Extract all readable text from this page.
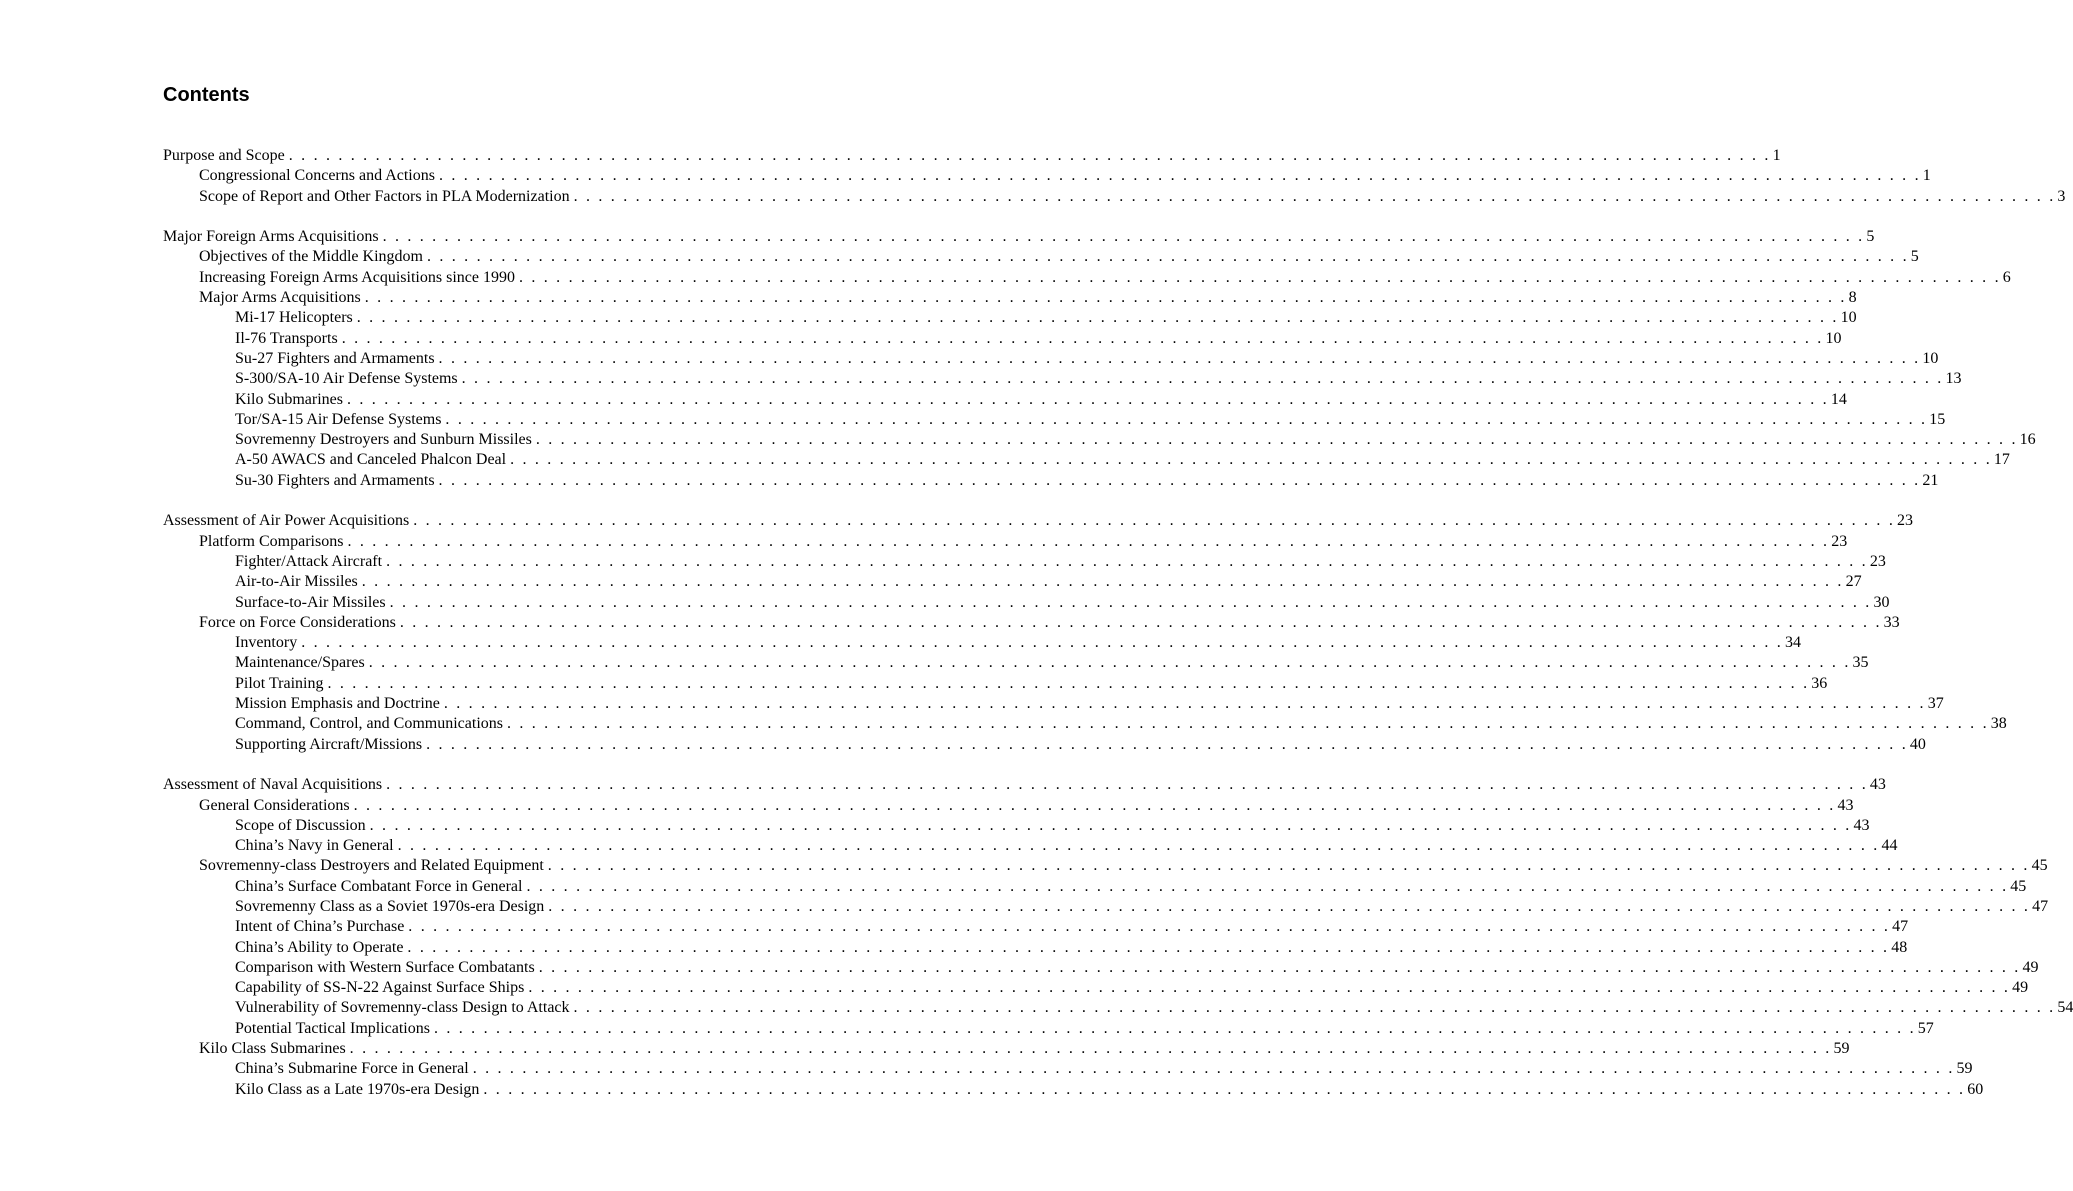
Contents
Purpose and Scope . . . . . . . . . . . . . . . . . . . . . . . . . . . . . . . . . . . . . . . . . . . . . . . . . . . . . . . . . . . . . . . . . . . . . . . . . . . . . . . . . . . . . . . . . . . . . . . . . . . . . . . . . . . . . . . . . . . . . . . . 1
Congressional Concerns and Actions . . . . . . . . . . . . . . . . . . . . . . . . . . . . . . . . . . . . . . . . . . . . . . . . . . . . . . . . . . . . . . . . . . . . . . . . . . . . . . . . . . . . . . . . . . . . . . . . . . . . . . . . . . . . . . . . . . . . . . . . 1
Scope of Report and Other Factors in PLA Modernization . . . . . . . . . . . . . . . . . . . . . . . . . . . . . . . . . . . . . . . . . . . . . . . . . . . . . . . . . . . . . . . . . . . . . . . . . . . . . . . . . . . . . . . . . . . . . . . . . . . . . . . . . . . . . . . . . . . . . . . . 3
Major Foreign Arms Acquisitions . . . . . . . . . . . . . . . . . . . . . . . . . . . . . . . . . . . . . . . . . . . . . . . . . . . . . . . . . . . . . . . . . . . . . . . . . . . . . . . . . . . . . . . . . . . . . . . . . . . . . . . . . . . . . . . . . . . . . . . . 5
Objectives of the Middle Kingdom . . . . . . . . . . . . . . . . . . . . . . . . . . . . . . . . . . . . . . . . . . . . . . . . . . . . . . . . . . . . . . . . . . . . . . . . . . . . . . . . . . . . . . . . . . . . . . . . . . . . . . . . . . . . . . . . . . . . . . . . 5
Increasing Foreign Arms Acquisitions since 1990 . . . . . . . . . . . . . . . . . . . . . . . . . . . . . . . . . . . . . . . . . . . . . . . . . . . . . . . . . . . . . . . . . . . . . . . . . . . . . . . . . . . . . . . . . . . . . . . . . . . . . . . . . . . . . . . . . . . . . . . . 6
Major Arms Acquisitions . . . . . . . . . . . . . . . . . . . . . . . . . . . . . . . . . . . . . . . . . . . . . . . . . . . . . . . . . . . . . . . . . . . . . . . . . . . . . . . . . . . . . . . . . . . . . . . . . . . . . . . . . . . . . . . . . . . . . . . . 8
Mi-17 Helicopters . . . . . . . . . . . . . . . . . . . . . . . . . . . . . . . . . . . . . . . . . . . . . . . . . . . . . . . . . . . . . . . . . . . . . . . . . . . . . . . . . . . . . . . . . . . . . . . . . . . . . . . . . . . . . . . . . . . . . . . . 10
Il-76 Transports . . . . . . . . . . . . . . . . . . . . . . . . . . . . . . . . . . . . . . . . . . . . . . . . . . . . . . . . . . . . . . . . . . . . . . . . . . . . . . . . . . . . . . . . . . . . . . . . . . . . . . . . . . . . . . . . . . . . . . . . 10
Su-27 Fighters and Armaments . . . . . . . . . . . . . . . . . . . . . . . . . . . . . . . . . . . . . . . . . . . . . . . . . . . . . . . . . . . . . . . . . . . . . . . . . . . . . . . . . . . . . . . . . . . . . . . . . . . . . . . . . . . . . . . . . . . . . . . . 10
S-300/SA-10 Air Defense Systems . . . . . . . . . . . . . . . . . . . . . . . . . . . . . . . . . . . . . . . . . . . . . . . . . . . . . . . . . . . . . . . . . . . . . . . . . . . . . . . . . . . . . . . . . . . . . . . . . . . . . . . . . . . . . . . . . . . . . . . . 13
Kilo Submarines . . . . . . . . . . . . . . . . . . . . . . . . . . . . . . . . . . . . . . . . . . . . . . . . . . . . . . . . . . . . . . . . . . . . . . . . . . . . . . . . . . . . . . . . . . . . . . . . . . . . . . . . . . . . . . . . . . . . . . . . 14
Tor/SA-15 Air Defense Systems . . . . . . . . . . . . . . . . . . . . . . . . . . . . . . . . . . . . . . . . . . . . . . . . . . . . . . . . . . . . . . . . . . . . . . . . . . . . . . . . . . . . . . . . . . . . . . . . . . . . . . . . . . . . . . . . . . . . . . . . 15
Sovremenny Destroyers and Sunburn Missiles . . . . . . . . . . . . . . . . . . . . . . . . . . . . . . . . . . . . . . . . . . . . . . . . . . . . . . . . . . . . . . . . . . . . . . . . . . . . . . . . . . . . . . . . . . . . . . . . . . . . . . . . . . . . . . . . . . . . . . . . 16
A-50 AWACS and Canceled Phalcon Deal . . . . . . . . . . . . . . . . . . . . . . . . . . . . . . . . . . . . . . . . . . . . . . . . . . . . . . . . . . . . . . . . . . . . . . . . . . . . . . . . . . . . . . . . . . . . . . . . . . . . . . . . . . . . . . . . . . . . . . . . 17
Su-30 Fighters and Armaments . . . . . . . . . . . . . . . . . . . . . . . . . . . . . . . . . . . . . . . . . . . . . . . . . . . . . . . . . . . . . . . . . . . . . . . . . . . . . . . . . . . . . . . . . . . . . . . . . . . . . . . . . . . . . . . . . . . . . . . . 21
Assessment of Air Power Acquisitions . . . . . . . . . . . . . . . . . . . . . . . . . . . . . . . . . . . . . . . . . . . . . . . . . . . . . . . . . . . . . . . . . . . . . . . . . . . . . . . . . . . . . . . . . . . . . . . . . . . . . . . . . . . . . . . . . . . . . . . . 23
Platform Comparisons . . . . . . . . . . . . . . . . . . . . . . . . . . . . . . . . . . . . . . . . . . . . . . . . . . . . . . . . . . . . . . . . . . . . . . . . . . . . . . . . . . . . . . . . . . . . . . . . . . . . . . . . . . . . . . . . . . . . . . . . 23
Fighter/Attack Aircraft . . . . . . . . . . . . . . . . . . . . . . . . . . . . . . . . . . . . . . . . . . . . . . . . . . . . . . . . . . . . . . . . . . . . . . . . . . . . . . . . . . . . . . . . . . . . . . . . . . . . . . . . . . . . . . . . . . . . . . . . 23
Air-to-Air Missiles . . . . . . . . . . . . . . . . . . . . . . . . . . . . . . . . . . . . . . . . . . . . . . . . . . . . . . . . . . . . . . . . . . . . . . . . . . . . . . . . . . . . . . . . . . . . . . . . . . . . . . . . . . . . . . . . . . . . . . . . 27
Surface-to-Air Missiles . . . . . . . . . . . . . . . . . . . . . . . . . . . . . . . . . . . . . . . . . . . . . . . . . . . . . . . . . . . . . . . . . . . . . . . . . . . . . . . . . . . . . . . . . . . . . . . . . . . . . . . . . . . . . . . . . . . . . . . . 30
Force on Force Considerations . . . . . . . . . . . . . . . . . . . . . . . . . . . . . . . . . . . . . . . . . . . . . . . . . . . . . . . . . . . . . . . . . . . . . . . . . . . . . . . . . . . . . . . . . . . . . . . . . . . . . . . . . . . . . . . . . . . . . . . . 33
Inventory . . . . . . . . . . . . . . . . . . . . . . . . . . . . . . . . . . . . . . . . . . . . . . . . . . . . . . . . . . . . . . . . . . . . . . . . . . . . . . . . . . . . . . . . . . . . . . . . . . . . . . . . . . . . . . . . . . . . . . . . 34
Maintenance/Spares . . . . . . . . . . . . . . . . . . . . . . . . . . . . . . . . . . . . . . . . . . . . . . . . . . . . . . . . . . . . . . . . . . . . . . . . . . . . . . . . . . . . . . . . . . . . . . . . . . . . . . . . . . . . . . . . . . . . . . . . 35
Pilot Training . . . . . . . . . . . . . . . . . . . . . . . . . . . . . . . . . . . . . . . . . . . . . . . . . . . . . . . . . . . . . . . . . . . . . . . . . . . . . . . . . . . . . . . . . . . . . . . . . . . . . . . . . . . . . . . . . . . . . . . . 36
Mission Emphasis and Doctrine . . . . . . . . . . . . . . . . . . . . . . . . . . . . . . . . . . . . . . . . . . . . . . . . . . . . . . . . . . . . . . . . . . . . . . . . . . . . . . . . . . . . . . . . . . . . . . . . . . . . . . . . . . . . . . . . . . . . . . . . 37
Command, Control, and Communications . . . . . . . . . . . . . . . . . . . . . . . . . . . . . . . . . . . . . . . . . . . . . . . . . . . . . . . . . . . . . . . . . . . . . . . . . . . . . . . . . . . . . . . . . . . . . . . . . . . . . . . . . . . . . . . . . . . . . . . . 38
Supporting Aircraft/Missions . . . . . . . . . . . . . . . . . . . . . . . . . . . . . . . . . . . . . . . . . . . . . . . . . . . . . . . . . . . . . . . . . . . . . . . . . . . . . . . . . . . . . . . . . . . . . . . . . . . . . . . . . . . . . . . . . . . . . . . . 40
Assessment of Naval Acquisitions . . . . . . . . . . . . . . . . . . . . . . . . . . . . . . . . . . . . . . . . . . . . . . . . . . . . . . . . . . . . . . . . . . . . . . . . . . . . . . . . . . . . . . . . . . . . . . . . . . . . . . . . . . . . . . . . . . . . . . . . 43
General Considerations . . . . . . . . . . . . . . . . . . . . . . . . . . . . . . . . . . . . . . . . . . . . . . . . . . . . . . . . . . . . . . . . . . . . . . . . . . . . . . . . . . . . . . . . . . . . . . . . . . . . . . . . . . . . . . . . . . . . . . . . 43
Scope of Discussion . . . . . . . . . . . . . . . . . . . . . . . . . . . . . . . . . . . . . . . . . . . . . . . . . . . . . . . . . . . . . . . . . . . . . . . . . . . . . . . . . . . . . . . . . . . . . . . . . . . . . . . . . . . . . . . . . . . . . . . . 43
China’s Navy in General . . . . . . . . . . . . . . . . . . . . . . . . . . . . . . . . . . . . . . . . . . . . . . . . . . . . . . . . . . . . . . . . . . . . . . . . . . . . . . . . . . . . . . . . . . . . . . . . . . . . . . . . . . . . . . . . . . . . . . . . 44
Sovremenny-class Destroyers and Related Equipment . . . . . . . . . . . . . . . . . . . . . . . . . . . . . . . . . . . . . . . . . . . . . . . . . . . . . . . . . . . . . . . . . . . . . . . . . . . . . . . . . . . . . . . . . . . . . . . . . . . . . . . . . . . . . . . . . . . . . . . . 45
China’s Surface Combatant Force in General . . . . . . . . . . . . . . . . . . . . . . . . . . . . . . . . . . . . . . . . . . . . . . . . . . . . . . . . . . . . . . . . . . . . . . . . . . . . . . . . . . . . . . . . . . . . . . . . . . . . . . . . . . . . . . . . . . . . . . . . 45
Sovremenny Class as a Soviet 1970s-era Design . . . . . . . . . . . . . . . . . . . . . . . . . . . . . . . . . . . . . . . . . . . . . . . . . . . . . . . . . . . . . . . . . . . . . . . . . . . . . . . . . . . . . . . . . . . . . . . . . . . . . . . . . . . . . . . . . . . . . . . . 47
Intent of China’s Purchase . . . . . . . . . . . . . . . . . . . . . . . . . . . . . . . . . . . . . . . . . . . . . . . . . . . . . . . . . . . . . . . . . . . . . . . . . . . . . . . . . . . . . . . . . . . . . . . . . . . . . . . . . . . . . . . . . . . . . . . . 47
China’s Ability to Operate . . . . . . . . . . . . . . . . . . . . . . . . . . . . . . . . . . . . . . . . . . . . . . . . . . . . . . . . . . . . . . . . . . . . . . . . . . . . . . . . . . . . . . . . . . . . . . . . . . . . . . . . . . . . . . . . . . . . . . . . 48
Comparison with Western Surface Combatants . . . . . . . . . . . . . . . . . . . . . . . . . . . . . . . . . . . . . . . . . . . . . . . . . . . . . . . . . . . . . . . . . . . . . . . . . . . . . . . . . . . . . . . . . . . . . . . . . . . . . . . . . . . . . . . . . . . . . . . . 49
Capability of SS-N-22 Against Surface Ships . . . . . . . . . . . . . . . . . . . . . . . . . . . . . . . . . . . . . . . . . . . . . . . . . . . . . . . . . . . . . . . . . . . . . . . . . . . . . . . . . . . . . . . . . . . . . . . . . . . . . . . . . . . . . . . . . . . . . . . . 49
Vulnerability of Sovremenny-class Design to Attack . . . . . . . . . . . . . . . . . . . . . . . . . . . . . . . . . . . . . . . . . . . . . . . . . . . . . . . . . . . . . . . . . . . . . . . . . . . . . . . . . . . . . . . . . . . . . . . . . . . . . . . . . . . . . . . . . . . . . . . . 54
Potential Tactical Implications . . . . . . . . . . . . . . . . . . . . . . . . . . . . . . . . . . . . . . . . . . . . . . . . . . . . . . . . . . . . . . . . . . . . . . . . . . . . . . . . . . . . . . . . . . . . . . . . . . . . . . . . . . . . . . . . . . . . . . . . 57
Kilo Class Submarines . . . . . . . . . . . . . . . . . . . . . . . . . . . . . . . . . . . . . . . . . . . . . . . . . . . . . . . . . . . . . . . . . . . . . . . . . . . . . . . . . . . . . . . . . . . . . . . . . . . . . . . . . . . . . . . . . . . . . . . . 59
China’s Submarine Force in General . . . . . . . . . . . . . . . . . . . . . . . . . . . . . . . . . . . . . . . . . . . . . . . . . . . . . . . . . . . . . . . . . . . . . . . . . . . . . . . . . . . . . . . . . . . . . . . . . . . . . . . . . . . . . . . . . . . . . . . . 59
Kilo Class as a Late 1970s-era Design . . . . . . . . . . . . . . . . . . . . . . . . . . . . . . . . . . . . . . . . . . . . . . . . . . . . . . . . . . . . . . . . . . . . . . . . . . . . . . . . . . . . . . . . . . . . . . . . . . . . . . . . . . . . . . . . . . . . . . . . 60
